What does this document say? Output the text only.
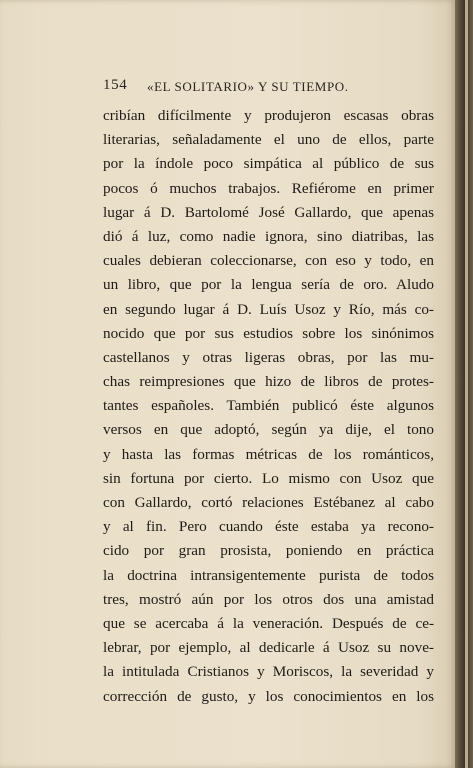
154 «EL SOLITARIO» Y SU TIEMPO.
cribían difícilmente y produjeron escasas obras
literarias, señaladamente el uno de ellos, parte
por la índole poco simpática al público de sus
pocos ó muchos trabajos. Refiérome en primer
lugar á D. Bartolomé José Gallardo, que apenas
dió á luz, como nadie ignora, sino diatribas, las
cuales debieran coleccionarse, con eso y todo, en
un libro, que por la lengua sería de oro. Aludo
en segundo lugar á D. Luís Usoz y Río, más co-
nocido que por sus estudios sobre los sinónimos
castellanos y otras ligeras obras, por las mu-
chas reimpresiones que hizo de libros de protes-
tantes españoles. También publicó éste algunos
versos en que adoptó, según ya dije, el tono
y hasta las formas métricas de los románticos,
sin fortuna por cierto. Lo mismo con Usoz que
con Gallardo, cortó relaciones Estébanez al cabo
y al fin. Pero cuando éste estaba ya recono-
cido por gran prosista, poniendo en práctica
la doctrina intransigentemente purista de todos
tres, mostró aún por los otros dos una amistad
que se acercaba á la veneración. Después de ce-
lebrar, por ejemplo, al dedicarle á Usoz su nove-
la intitulada Cristianos y Moriscos, la severidad y
corrección de gusto, y los conocimientos en los
